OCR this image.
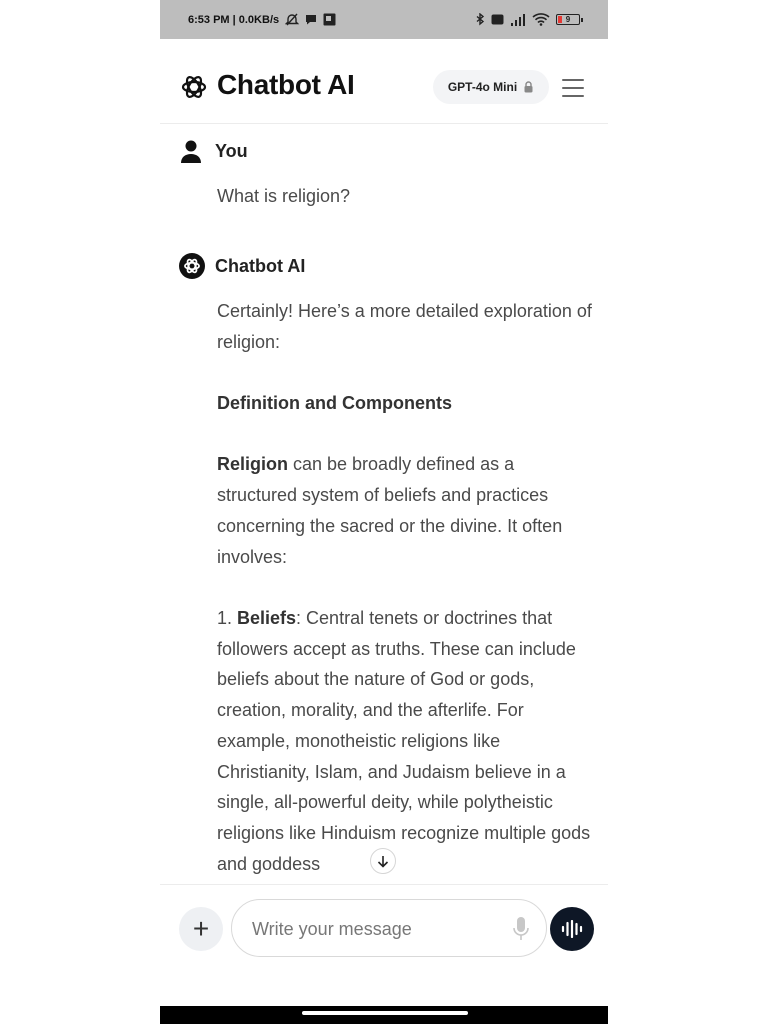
6:53 PM | 0.0KB/s	9
Chatbot AI	GPT-4o Mini
You

What is religion?

Chatbot AI

Certainly! Here’s a more detailed exploration of religion:

Definition and Components

Religion can be broadly defined as a structured system of beliefs and practices concerning the sacred or the divine. It often involves:

1. Beliefs: Central tenets or doctrines that followers accept as truths. These can include beliefs about the nature of God or gods, creation, morality, and the afterlife. For example, monotheistic religions like Christianity, Islam, and Judaism believe in a single, all-powerful deity, while polytheistic religions like Hinduism recognize multiple gods and goddess

+
Write your message
